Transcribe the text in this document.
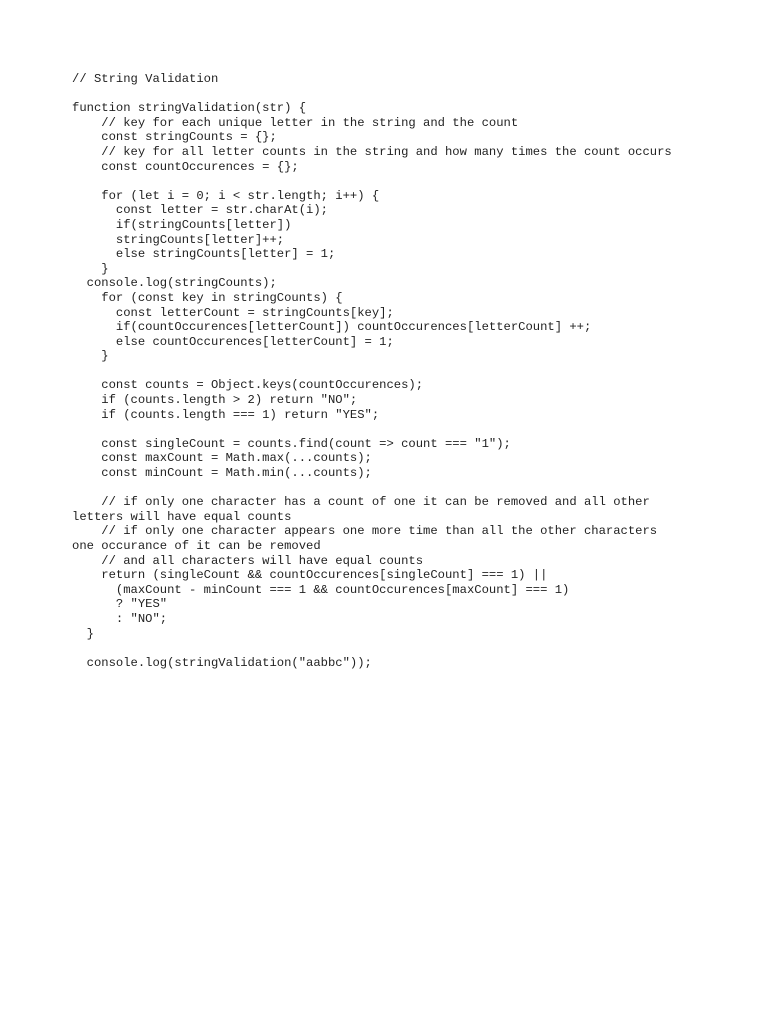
// String Validation
function stringValidation(str) {
// key for each unique letter in the string and the count
const stringCounts = {};
// key for all letter counts in the string and how many times the count occurs
const countOccurences = {};
for (let i = 0; i < str.length; i++) {
const letter = str.charAt(i);
if(stringCounts[letter])
stringCounts[letter]++;
else stringCounts[letter] = 1;
}
console.log(stringCounts);
for (const key in stringCounts) {
const letterCount = stringCounts[key];
if(countOccurences[letterCount]) countOccurences[letterCount] ++;
else countOccurences[letterCount] = 1;
}
const counts = Object.keys(countOccurences);
if (counts.length > 2) return "NO";
if (counts.length === 1) return "YES";
const singleCount = counts.find(count => count === "1");
const maxCount = Math.max(...counts);
const minCount = Math.min(...counts);
// if only one character has a count of one it can be removed and all other
letters will have equal counts
// if only one character appears one more time than all the other characters
one occurance of it can be removed
// and all characters will have equal counts
return (singleCount && countOccurences[singleCount] === 1) ||
(maxCount - minCount === 1 && countOccurences[maxCount] === 1)
? "YES"
: "NO";
}
console.log(stringValidation("aabbc"));
